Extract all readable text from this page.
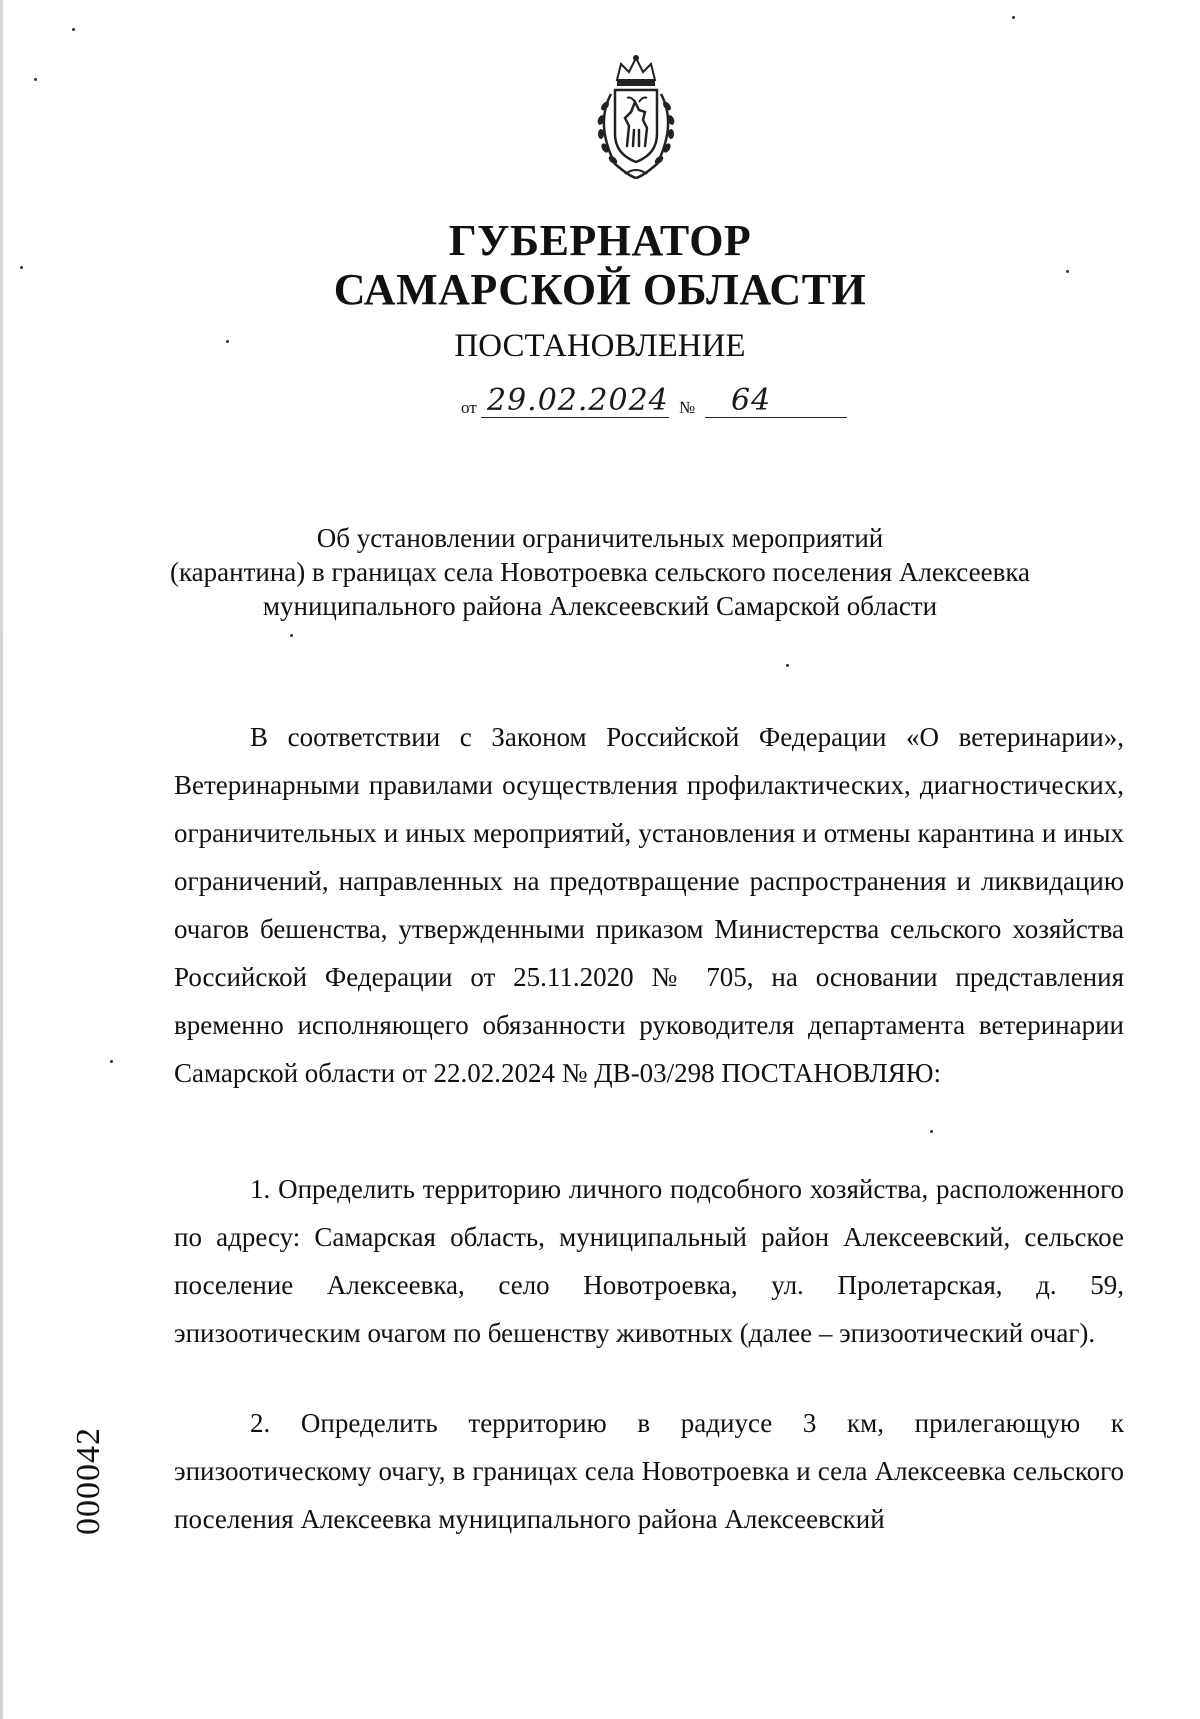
ГУБЕРНАТОР
САМАРСКОЙ ОБЛАСТИ
ПОСТАНОВЛЕНИЕ
от 29.02.2024 № 64
Об установлении ограничительных мероприятий
(карантина) в границах села Новотроевка сельского поселения Алексеевка
муниципального района Алексеевский Самарской области

В соответствии с Законом Российской Федерации «О ветеринарии», Ветеринарными правилами осуществления профилактических, диагностических, ограничительных и иных мероприятий, установления и отмены карантина и иных ограничений, направленных на предотвращение распространения и ликвидацию очагов бешенства, утвержденными приказом Министерства сельского хозяйства Российской Федерации от 25.11.2020 № 705, на основании представления временно исполняющего обязанности руководителя департамента ветеринарии Самарской области от 22.02.2024 № ДВ-03/298 ПОСТАНОВЛЯЮ:

1. Определить территорию личного подсобного хозяйства, расположенного по адресу: Самарская область, муниципальный район Алексеевский, сельское поселение Алексеевка, село Новотроевка, ул. Пролетарская, д. 59, эпизоотическим очагом по бешенству животных (далее – эпизоотический очаг).

2. Определить территорию в радиусе 3 км, прилегающую к эпизоотическому очагу, в границах села Новотроевка и села Алексеевка сельского поселения Алексеевка муниципального района Алексеевский

000042
